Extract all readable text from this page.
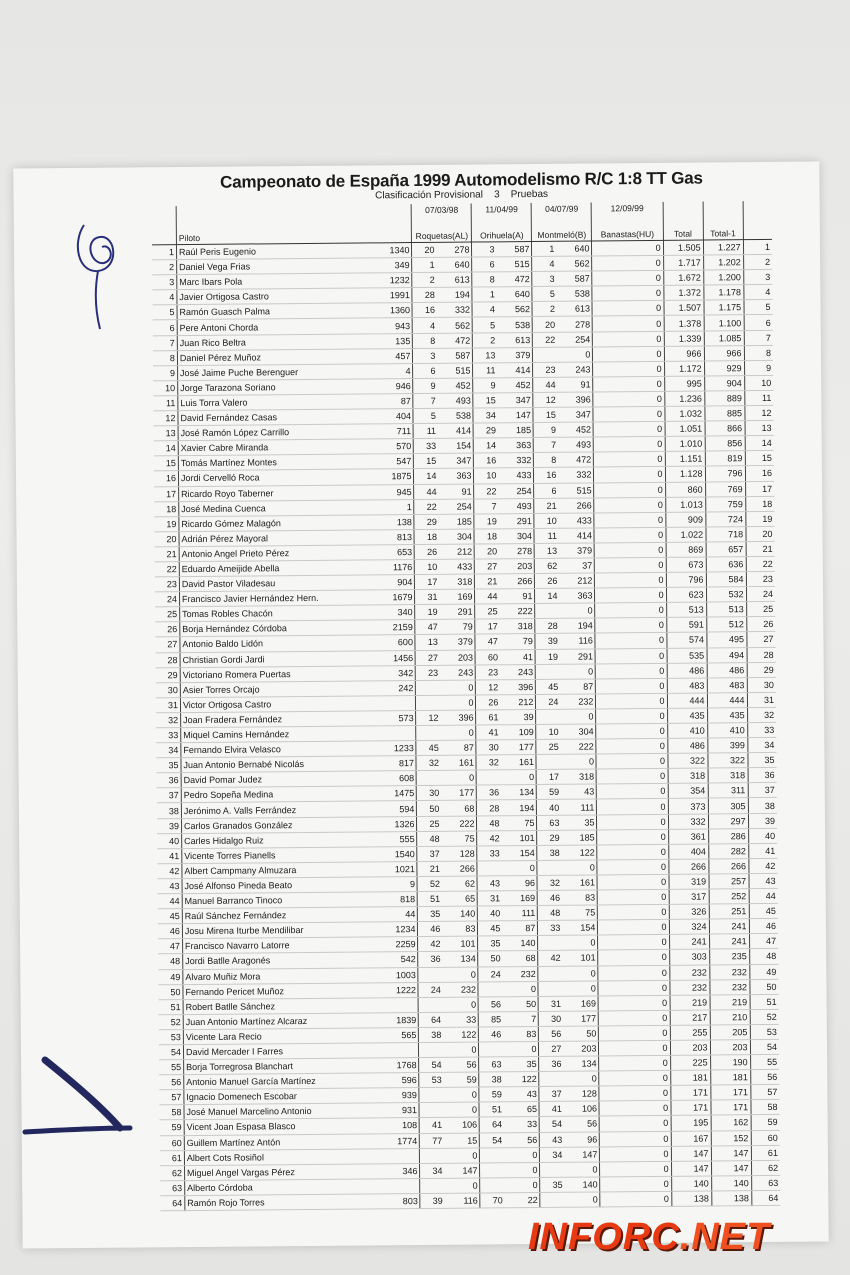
Campeonato de España 1999 Automodelismo R/C 1:8 TT Gas

Clasificación Provisional 3 Pruebas

			07/03/98		11/04/99		04/07/99		12/09/99			
	Piloto		Roquetas(AL)		Orihuela(A)		Montmeló(B)		Banastas(HU)	Total	Total-1	
1	Raúl Peris Eugenio	1340	20	278	3	587	1	640	0	1.505	1.227	1
2	Daniel Vega Frias	349	1	640	6	515	4	562	0	1.717	1.202	2
3	Marc Ibars Pola	1232	2	613	8	472	3	587	0	1.672	1.200	3
4	Javier Ortigosa Castro	1991	28	194	1	640	5	538	0	1.372	1.178	4
5	Ramón Guasch Palma	1360	16	332	4	562	2	613	0	1.507	1.175	5
6	Pere Antoni Chorda	943	4	562	5	538	20	278	0	1.378	1.100	6
7	Juan Rico Beltra	135	8	472	2	613	22	254	0	1.339	1.085	7
8	Daniel Pérez Muñoz	457	3	587	13	379		0	0	966	966	8
9	José Jaime Puche Berenguer	4	6	515	11	414	23	243	0	1.172	929	9
10	Jorge Tarazona Soriano	946	9	452	9	452	44	91	0	995	904	10
11	Luis Torra Valero	87	7	493	15	347	12	396	0	1.236	889	11
12	David Fernández Casas	404	5	538	34	147	15	347	0	1.032	885	12
13	José Ramón López Carrillo	711	11	414	29	185	9	452	0	1.051	866	13
14	Xavier Cabre Miranda	570	33	154	14	363	7	493	0	1.010	856	14
15	Tomás Martínez Montes	547	15	347	16	332	8	472	0	1.151	819	15
16	Jordi Cervelló Roca	1875	14	363	10	433	16	332	0	1.128	796	16
17	Ricardo Royo Taberner	945	44	91	22	254	6	515	0	860	769	17
18	José Medina Cuenca	1	22	254	7	493	21	266	0	1.013	759	18
19	Ricardo Gómez Malagón	138	29	185	19	291	10	433	0	909	724	19
20	Adrián Pérez Mayoral	813	18	304	18	304	11	414	0	1.022	718	20
21	Antonio Angel Prieto Pérez	653	26	212	20	278	13	379	0	869	657	21
22	Eduardo Ameijide Abella	1176	10	433	27	203	62	37	0	673	636	22
23	David Pastor Viladesau	904	17	318	21	266	26	212	0	796	584	23
24	Francisco Javier Hernández Hern.	1679	31	169	44	91	14	363	0	623	532	24
25	Tomas Robles Chacón	340	19	291	25	222		0	0	513	513	25
26	Borja Hernández Córdoba	2159	47	79	17	318	28	194	0	591	512	26
27	Antonio Baldo Lidón	600	13	379	47	79	39	116	0	574	495	27
28	Christian Gordi Jardi	1456	27	203	60	41	19	291	0	535	494	28
29	Victoriano Romera Puertas	342	23	243	23	243		0	0	486	486	29
30	Asier Torres Orcajo	242		0	12	396	45	87	0	483	483	30
31	Victor Ortigosa Castro			0	26	212	24	232	0	444	444	31
32	Joan Fradera Fernández	573	12	396	61	39		0	0	435	435	32
33	Miquel Camins Hernández			0	41	109	10	304	0	410	410	33
34	Fernando Elvira Velasco	1233	45	87	30	177	25	222	0	486	399	34
35	Juan Antonio Bernabé Nicolás	817	32	161	32	161		0	0	322	322	35
36	David Pomar Judez	608		0		0	17	318	0	318	318	36
37	Pedro Sopeña Medina	1475	30	177	36	134	59	43	0	354	311	37
38	Jerónimo A. Valls Ferrández	594	50	68	28	194	40	111	0	373	305	38
39	Carlos Granados González	1326	25	222	48	75	63	35	0	332	297	39
40	Carles Hidalgo Ruiz	555	48	75	42	101	29	185	0	361	286	40
41	Vicente Torres Pianells	1540	37	128	33	154	38	122	0	404	282	41
42	Albert Campmany Almuzara	1021	21	266		0		0	0	266	266	42
43	José Alfonso Pineda Beato	9	52	62	43	96	32	161	0	319	257	43
44	Manuel Barranco Tinoco	818	51	65	31	169	46	83	0	317	252	44
45	Raúl Sánchez Fernández	44	35	140	40	111	48	75	0	326	251	45
46	Josu Mirena Iturbe Mendilibar	1234	46	83	45	87	33	154	0	324	241	46
47	Francisco Navarro Latorre	2259	42	101	35	140		0	0	241	241	47
48	Jordi Batlle Aragonés	542	36	134	50	68	42	101	0	303	235	48
49	Alvaro Muñiz Mora	1003		0	24	232		0	0	232	232	49
50	Fernando Pericet Muñoz	1222	24	232		0		0	0	232	232	50
51	Robert Batlle Sánchez			0	56	50	31	169	0	219	219	51
52	Juan Antonio Martínez Alcaraz	1839	64	33	85	7	30	177	0	217	210	52
53	Vicente Lara Recio	565	38	122	46	83	56	50	0	255	205	53
54	David Mercader I Farres			0		0	27	203	0	203	203	54
55	Borja Torregrosa Blanchart	1768	54	56	63	35	36	134	0	225	190	55
56	Antonio Manuel García Martínez	596	53	59	38	122		0	0	181	181	56
57	Ignacio Domenech Escobar	939		0	59	43	37	128	0	171	171	57
58	José Manuel Marcelino Antonio	931		0	51	65	41	106	0	171	171	58
59	Vicent Joan Espasa Blasco	108	41	106	64	33	54	56	0	195	162	59
60	Guillem Martínez Antón	1774	77	15	54	56	43	96	0	167	152	60
61	Albert Cots Rosiñol			0		0	34	147	0	147	147	61
62	Miguel Angel Vargas Pérez	346	34	147		0		0	0	147	147	62
63	Alberto Córdoba			0		0	35	140	0	140	140	63
64	Ramón Rojo Torres	803	39	116	70	22		0	0	138	138	64
INFORC.NET
